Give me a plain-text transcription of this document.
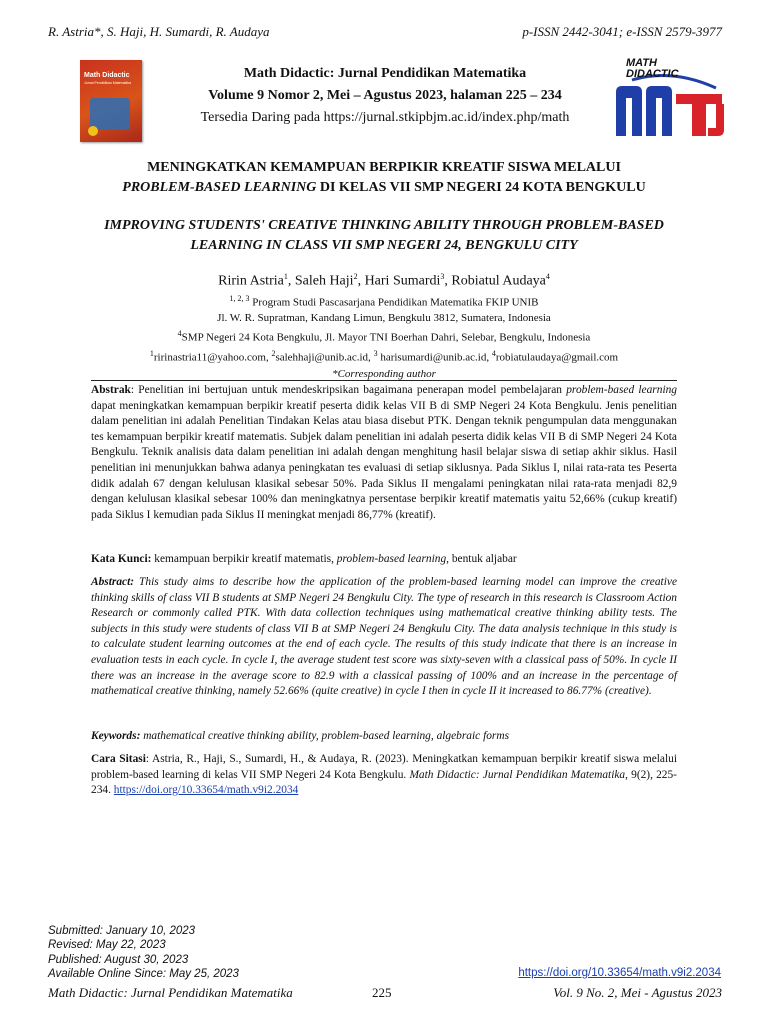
R. Astria*, S. Haji, H. Sumardi, R. Audaya	p-ISSN 2442-3041; e-ISSN 2579-3977
Math Didactic
Jurnal Pendidikan Matematika
Math Didactic: Jurnal Pendidikan Matematika
Volume 9 Nomor 2, Mei – Agustus 2023, halaman 225 – 234
Tersedia Daring pada https://jurnal.stkipbjm.ac.id/index.php/math
MATH
DIDACTIC
MENINGKATKAN KEMAMPUAN BERPIKIR KREATIF SISWA MELALUI
PROBLEM-BASED LEARNING DI KELAS VII SMP NEGERI 24 KOTA BENGKULU
IMPROVING STUDENTS' CREATIVE THINKING ABILITY THROUGH PROBLEM-BASED
LEARNING IN CLASS VII SMP NEGERI 24, BENGKULU CITY
Ririn Astria$^1$, Saleh Haji$^2$, Hari Sumardi$^3$, Robiatul Audaya$^4$
$^{1, 2, 3}$ Program Studi Pascasarjana Pendidikan Matematika FKIP UNIB
Jl. W. R. Supratman, Kandang Limun, Bengkulu 3812, Sumatera, Indonesia
$^4$SMP Negeri 24 Kota Bengkulu, Jl. Mayor TNI Boerhan Dahri, Selebar, Bengkulu, Indonesia
$^1$ririnastria11@yahoo.com, $^2$salehhaji@unib.ac.id, $^3$ harisumardi@unib.ac.id, $^4$robiatulaudaya@gmail.com
*Corresponding author
Abstrak: Penelitian ini bertujuan untuk mendeskripsikan bagaimana penerapan model pembelajaran problem-based learning dapat meningkatkan kemampuan berpikir kreatif peserta didik kelas VII B di SMP Negeri 24 Kota Bengkulu. Jenis penelitian dalam penelitian ini adalah Penelitian Tindakan Kelas atau biasa disebut PTK. Dengan teknik pengumpulan data menggunakan tes kemampuan berpikir kreatif matematis. Subjek dalam penelitian ini adalah peserta didik kelas VII B di SMP Negeri 24 Kota Bengkulu. Teknik analisis data dalam penelitian ini adalah dengan menghitung hasil belajar siswa di setiap akhir siklus. Hasil penelitian ini menunjukkan bahwa adanya peningkatan tes evaluasi di setiap siklusnya. Pada Siklus I, nilai rata-rata tes Peserta didik adalah 67 dengan kelulusan klasikal sebesar 50%. Pada Siklus II mengalami peningkatan nilai rata-rata menjadi 82,9 dengan kelulusan klasikal sebesar 100% dan meningkatnya persentase berpikir kreatif matematis yaitu 52,66% (cukup kreatif) pada Siklus I kemudian pada Siklus II meningkat menjadi 86,77% (kreatif).
Kata Kunci: kemampuan berpikir kreatif matematis, problem-based learning, bentuk aljabar
Abstract: This study aims to describe how the application of the problem-based learning model can improve the creative thinking skills of class VII B students at SMP Negeri 24 Bengkulu City. The type of research in this research is Classroom Action Research or commonly called PTK. With data collection techniques using mathematical creative thinking ability tests. The subjects in this study were students of class VII B at SMP Negeri 24 Bengkulu City. The data analysis technique in this study is to calculate student learning outcomes at the end of each cycle. The results of this study indicate that there is an increase in evaluation tests in each cycle. In cycle I, the average student test score was sixty-seven with a classical pass of 50%. In cycle II there was an increase in the average score to 82.9 with a classical passing of 100% and an increase in the percentage of mathematical creative thinking, namely 52.66% (quite creative) in cycle I then in cycle II it increased to 86.77% (creative).
Keywords: mathematical creative thinking ability, problem-based learning, algebraic forms
Cara Sitasi: Astria, R., Haji, S., Sumardi, H., & Audaya, R. (2023). Meningkatkan kemampuan berpikir kreatif siswa melalui problem-based learning di kelas VII SMP Negeri 24 Kota Bengkulu. Math Didactic: Jurnal Pendidikan Matematika, 9(2), 225-234. https://doi.org/10.33654/math.v9i2.2034
Submitted: January 10, 2023
Revised: May 22, 2023
Published: August 30, 2023
Available Online Since: May 25, 2023	https://doi.org/10.33654/math.v9i2.2034
Math Didactic: Jurnal Pendidikan Matematika	225	Vol. 9 No. 2, Mei - Agustus 2023
